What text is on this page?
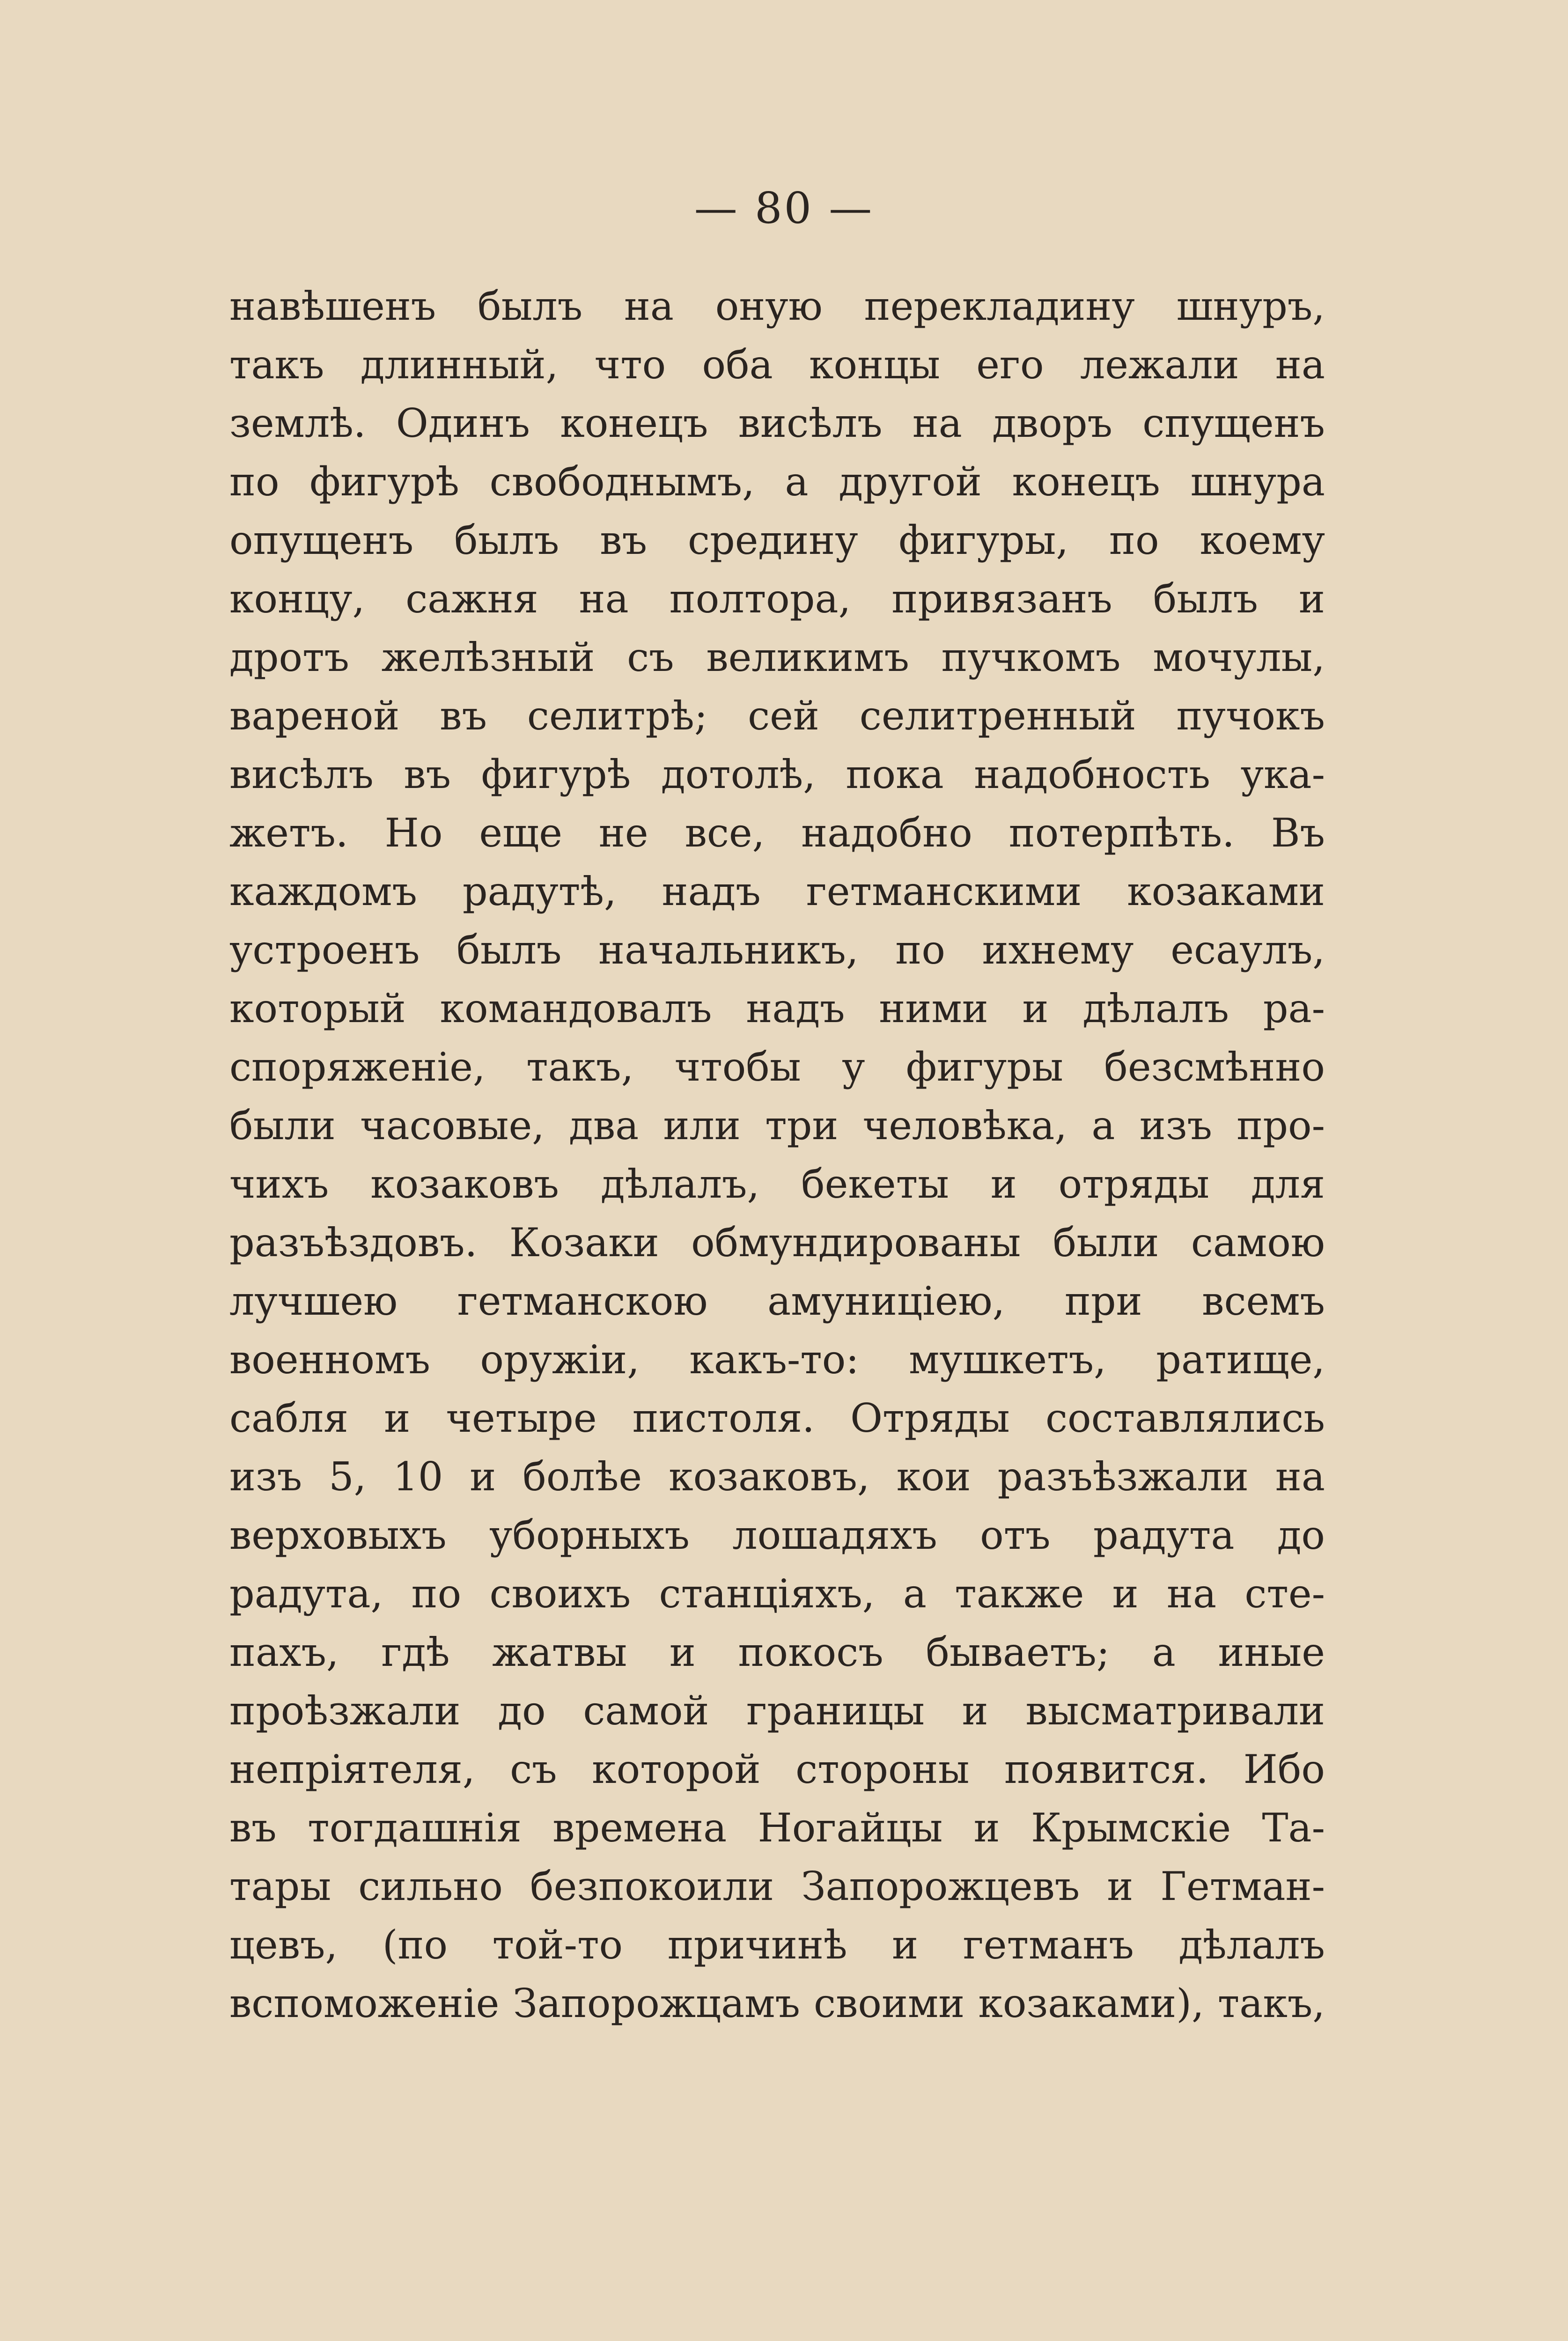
— 80 —
навѣшенъ былъ на оную перекладину шнуръ,
такъ длинный, что оба концы его лежали на
землѣ. Одинъ конецъ висѣлъ на дворъ спущенъ
по фигурѣ свободнымъ, а другой конецъ шнура
опущенъ былъ въ средину фигуры, по коему
концу, сажня на полтора, привязанъ былъ и
дротъ желѣзный съ великимъ пучкомъ мочулы,
вареной въ селитрѣ; сей селитренный пучокъ
висѣлъ въ фигурѣ дотолѣ, пока надобность ука-
жетъ. Но еще не все, надобно потерпѣть. Въ
каждомъ радутѣ, надъ гетманскими козаками
устроенъ былъ начальникъ, по ихнему есаулъ,
который командовалъ надъ ними и дѣлалъ ра-
споряженіе, такъ, чтобы у фигуры безсмѣнно
были часовые, два или три человѣка, а изъ про-
чихъ козаковъ дѣлалъ, бекеты и отряды для
разъѣздовъ. Козаки обмундированы были самою
лучшею гетманскою амуниціею, при всемъ
военномъ оружіи, какъ-то: мушкетъ, ратище,
сабля и четыре пистоля. Отряды составлялись
изъ 5, 10 и болѣе козаковъ, кои разъѣзжали на
верховыхъ уборныхъ лошадяхъ отъ радута до
радута, по своихъ станціяхъ, а также и на сте-
пахъ, гдѣ жатвы и покосъ бываетъ; а иные
проѣзжали до самой границы и высматривали
непріятеля, съ которой стороны появится. Ибо
въ тогдашнія времена Ногайцы и Крымскіе Та-
тары сильно безпокоили Запорожцевъ и Гетман-
цевъ, (по той-то причинѣ и гетманъ дѣлалъ
вспоможеніе Запорожцамъ своими козаками), такъ,
